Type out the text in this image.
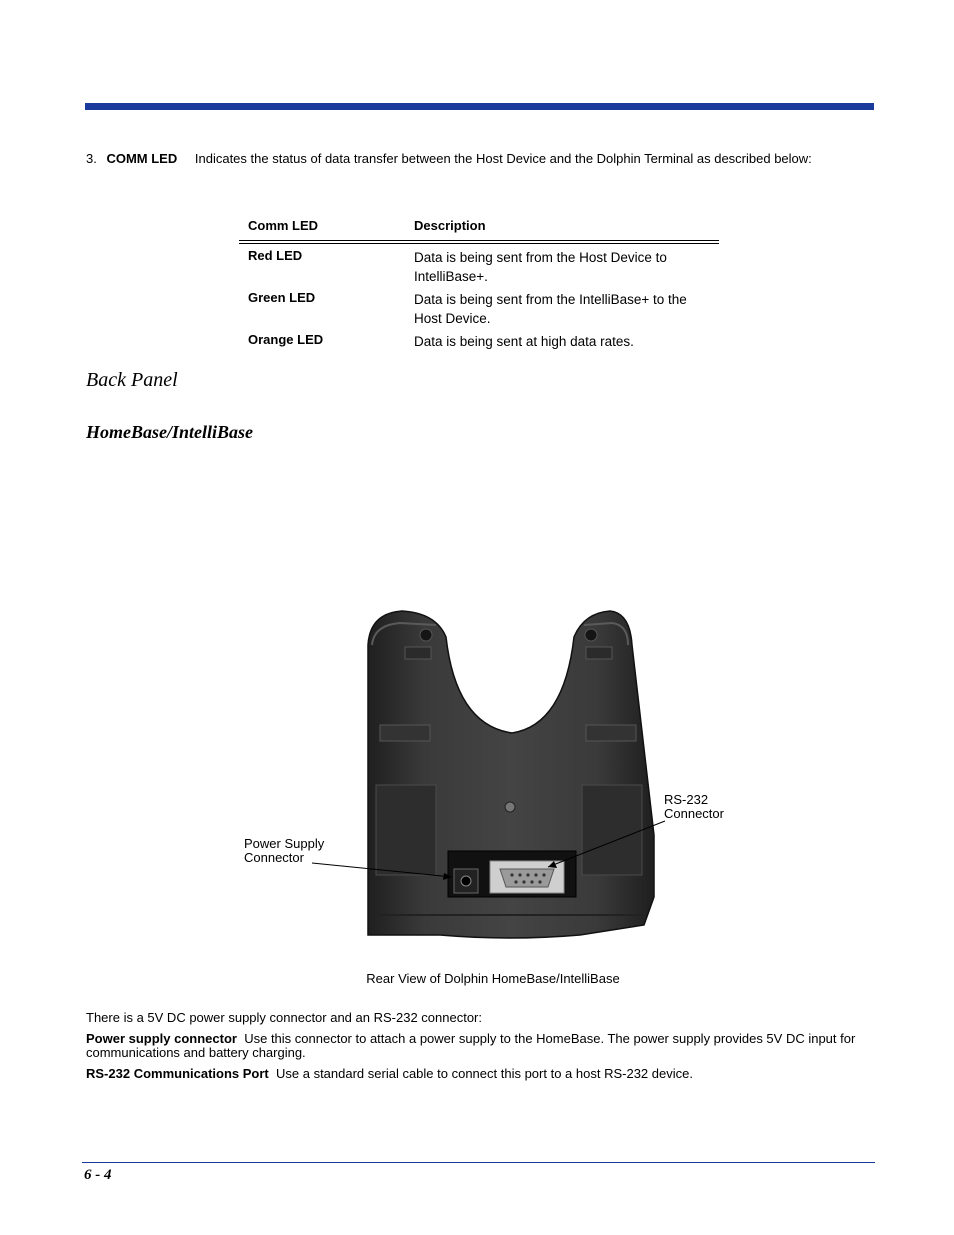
3. COMM LED Indicates the status of data transfer between the Host Device and the Dolphin Terminal as described below:
Comm LED	Description
Red LED	Data is being sent from the Host Device to IntelliBase+.
Green LED	Data is being sent from the IntelliBase+ to the Host Device.
Orange LED	Data is being sent at high data rates.
Back Panel
HomeBase/IntelliBase
RS-232
Connector
Power Supply
Connector
Rear View of Dolphin HomeBase/IntelliBase
There is a 5V DC power supply connector and an RS-232 connector:
Power supply connector Use this connector to attach a power supply to the HomeBase. The power supply provides 5V DC input for communications and battery charging.
RS-232 Communications Port Use a standard serial cable to connect this port to a host RS-232 device.
6 - 4
